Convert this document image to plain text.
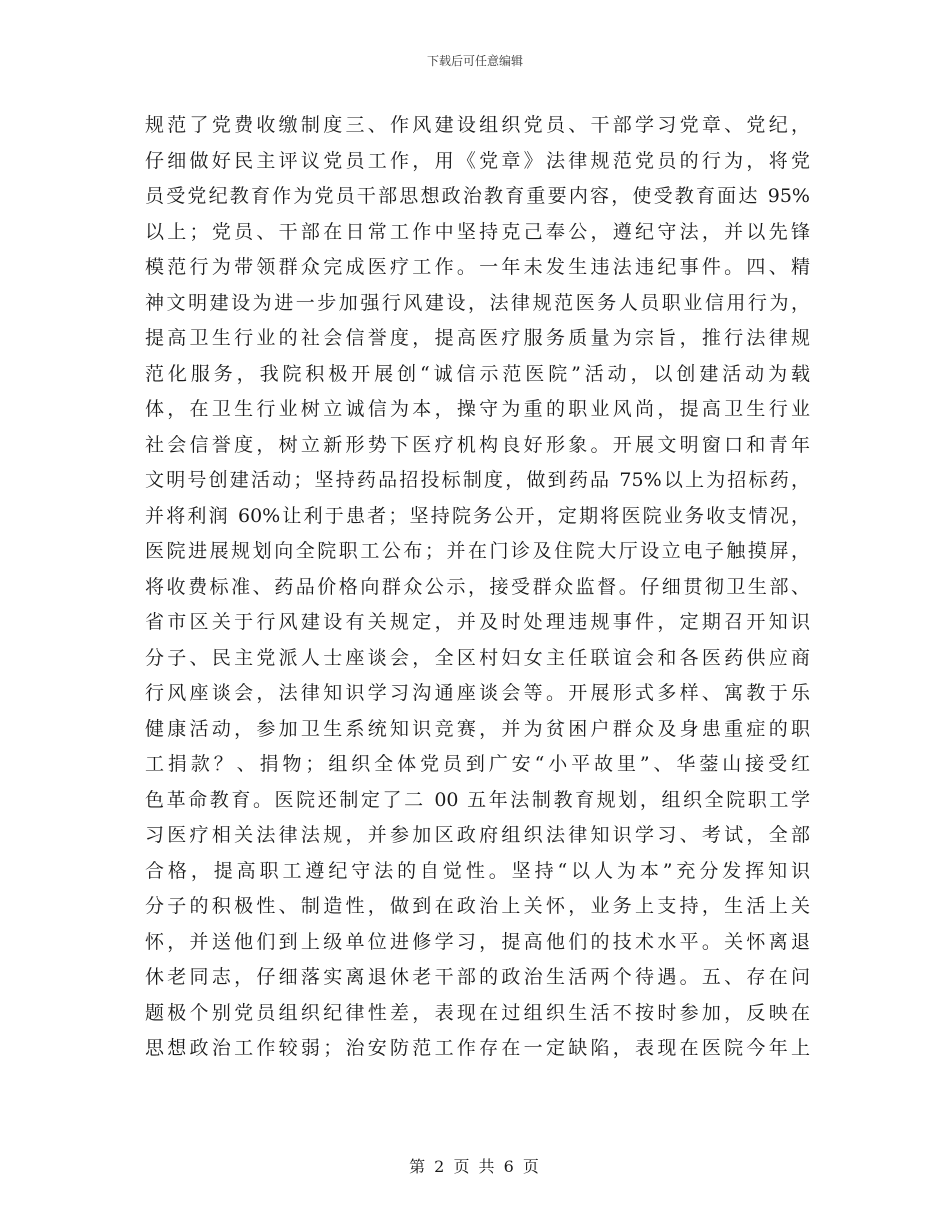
下载后可任意编辑
规范了党费收缴制度三、作风建设组织党员、干部学习党章、党纪，
仔细做好民主评议党员工作，用《党章》法律规范党员的行为，将党
员受党纪教育作为党员干部思想政治教育重要内容，使受教育面达 95%
以上；党员、干部在日常工作中坚持克己奉公，遵纪守法，并以先锋
模范行为带领群众完成医疗工作。一年未发生违法违纪事件。四、精
神文明建设为进一步加强行风建设，法律规范医务人员职业信用行为，
提高卫生行业的社会信誉度，提高医疗服务质量为宗旨，推行法律规
范化服务，我院积极开展创“诚信示范医院”活动，以创建活动为载
体，在卫生行业树立诚信为本，操守为重的职业风尚，提高卫生行业
社会信誉度，树立新形势下医疗机构良好形象。开展文明窗口和青年
文明号创建活动；坚持药品招投标制度，做到药品 75%以上为招标药，
并将利润 60%让利于患者；坚持院务公开，定期将医院业务收支情况，
医院进展规划向全院职工公布；并在门诊及住院大厅设立电子触摸屏，
将收费标准、药品价格向群众公示，接受群众监督。仔细贯彻卫生部、
省市区关于行风建设有关规定，并及时处理违规事件，定期召开知识
分子、民主党派人士座谈会，全区村妇女主任联谊会和各医药供应商
行风座谈会，法律知识学习沟通座谈会等。开展形式多样、寓教于乐
健康活动，参加卫生系统知识竞赛，并为贫困户群众及身患重症的职
工捐款？、捐物；组织全体党员到广安“小平故里”、华蓥山接受红
色革命教育。医院还制定了二 00 五年法制教育规划，组织全院职工学
习医疗相关法律法规，并参加区政府组织法律知识学习、考试，全部
合格，提高职工遵纪守法的自觉性。坚持“以人为本”充分发挥知识
分子的积极性、制造性，做到在政治上关怀，业务上支持，生活上关
怀，并送他们到上级单位进修学习，提高他们的技术水平。关怀离退
休老同志，仔细落实离退休老干部的政治生活两个待遇。五、存在问
题极个别党员组织纪律性差，表现在过组织生活不按时参加，反映在
思想政治工作较弱；治安防范工作存在一定缺陷，表现在医院今年上
第 2 页 共 6 页
